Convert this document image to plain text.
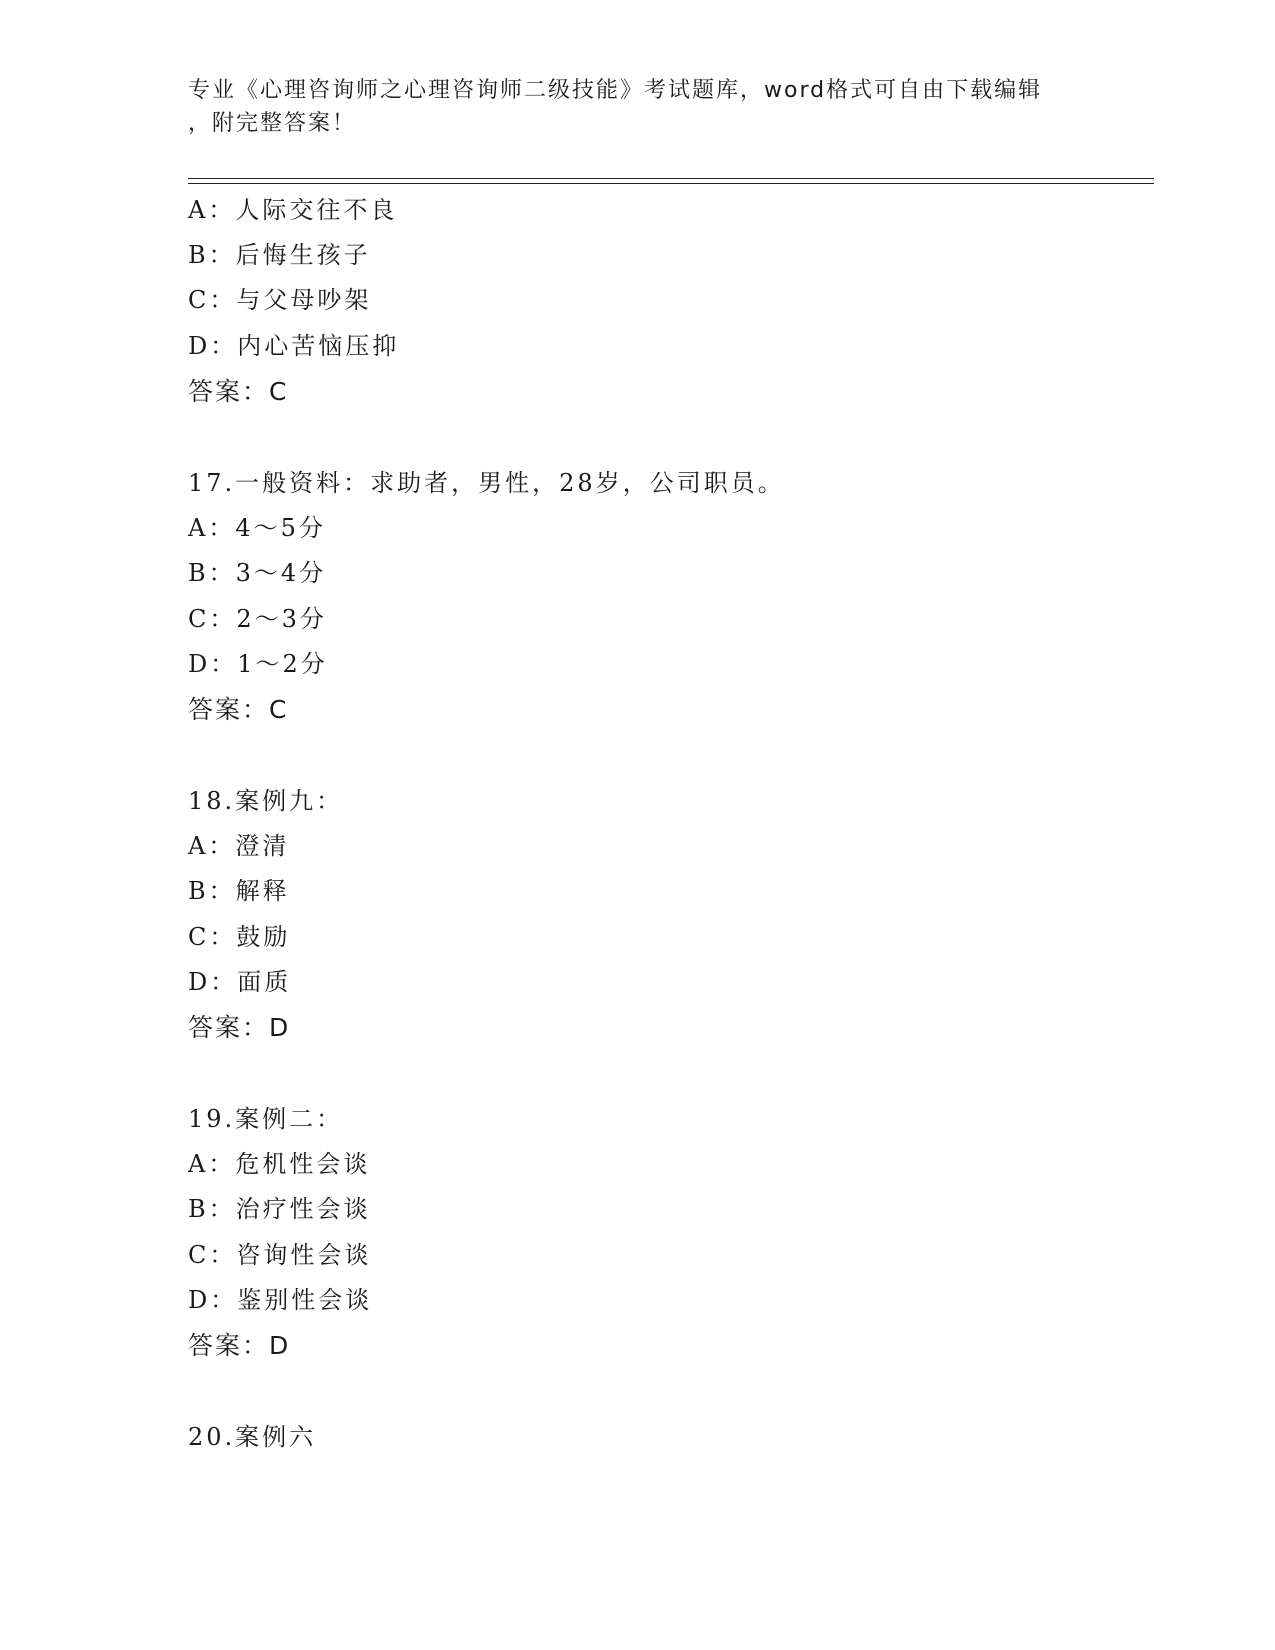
专业《心理咨询师之心理咨询师二级技能》考试题库，word格式可自由下载编辑
，附完整答案！
A：人际交往不良
B：后悔生孩子
C：与父母吵架
D：内心苦恼压抑
答案：C
17.一般资料：求助者，男性，28岁，公司职员。
A：4～5分
B：3～4分
C：2～3分
D：1～2分
答案：C
18.案例九：
A：澄清
B：解释
C：鼓励
D：面质
答案：D
19.案例二：
A：危机性会谈
B：治疗性会谈
C：咨询性会谈
D：鉴别性会谈
答案：D
20.案例六
